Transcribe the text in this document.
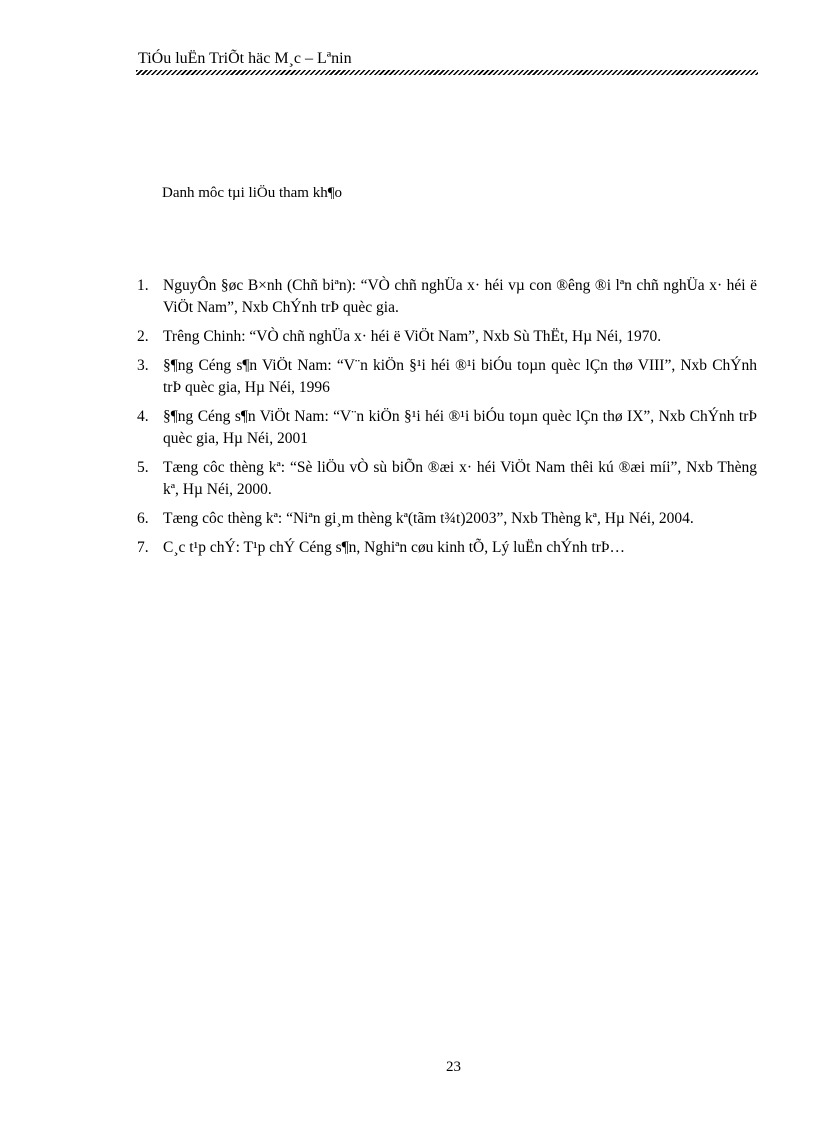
TiÓu luËn TriÕt häc M¸c – Lªnin
Danh môc tµi liÖu tham kh¶o
1. NguyÔn §øc B×nh (Chñ biªn): “VÒ chñ nghÜa x· héi vµ con ®êng ®i lªn chñ nghÜa x· héi ë ViÖt Nam”, Nxb ChÝnh trÞ quèc gia.
2. Trêng Chinh: “VÒ chñ nghÜa x· héi ë ViÖt Nam”, Nxb Sù ThËt, Hµ Néi, 1970.
3. §¶ng Céng s¶n ViÖt Nam: “V¨n kiÖn §¹i héi ®¹i biÓu toµn quèc lÇn thø VIII”, Nxb ChÝnh trÞ quèc gia, Hµ Néi, 1996
4. §¶ng Céng s¶n ViÖt Nam: “V¨n kiÖn §¹i héi ®¹i biÓu toµn quèc lÇn thø IX”, Nxb ChÝnh trÞ quèc gia, Hµ Néi, 2001
5. Tæng côc thèng kª: “Sè liÖu vÒ sù biÕn ®æi x· héi ViÖt Nam thêi kú ®æi míi”, Nxb Thèng kª, Hµ Néi, 2000.
6. Tæng côc thèng kª: “Niªn gi¸m thèng kª(tãm t¾t)2003”, Nxb Thèng kª, Hµ Néi, 2004.
7. C¸c t¹p chÝ: T¹p chÝ Céng s¶n, Nghiªn cøu kinh tÕ, Lý luËn chÝnh trÞ…
23
